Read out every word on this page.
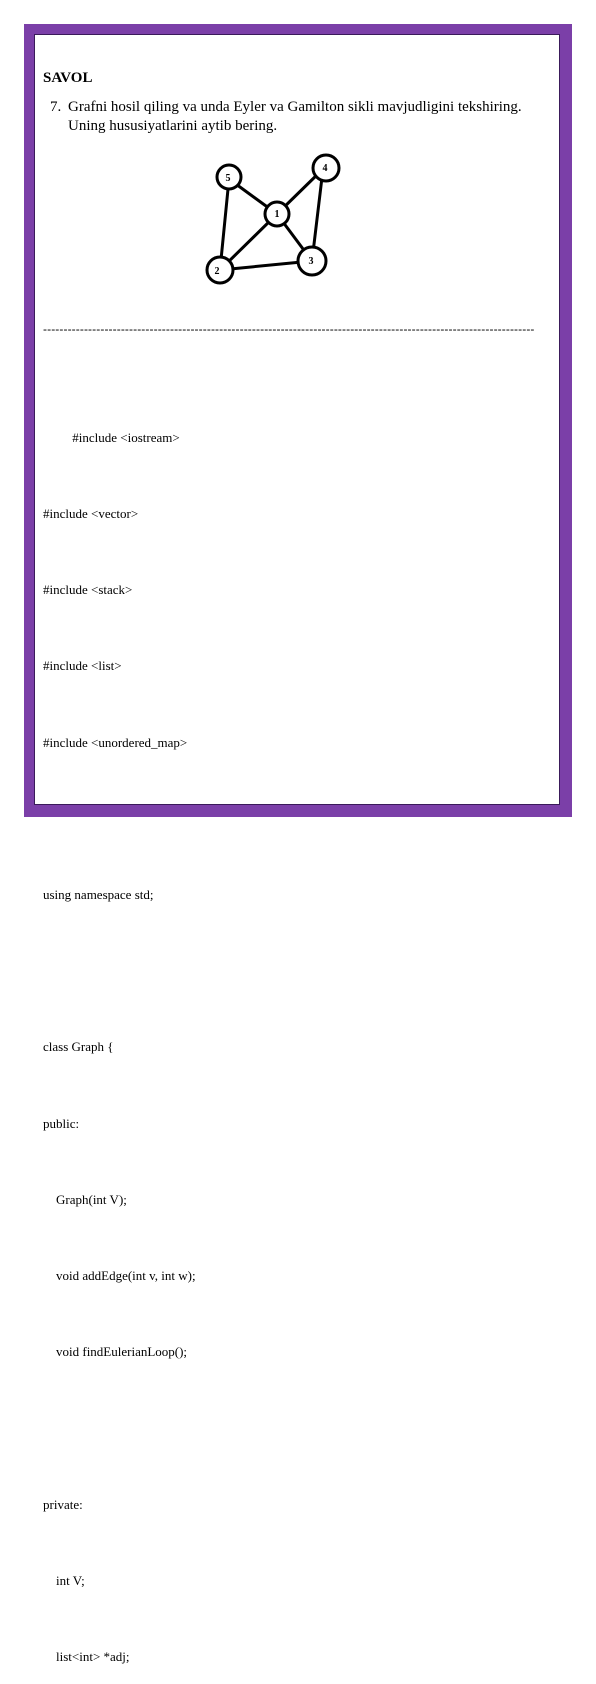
SAVOL
7. Grafni hosil qiling va unda Eyler va Gamilton sikli mavjudligini tekshiring. Uning hususiyatlarini aytib bering.
5
4
1
3
2
------------------------------------------------------------------------------------------------------------------------

#include <iostream>

#include <vector>

#include <stack>

#include <list>

#include <unordered_map>

using namespace std;

class Graph {

public:

Graph(int V);

void addEdge(int v, int w);

void findEulerianLoop();

private:

int V;

list<int> *adj;
